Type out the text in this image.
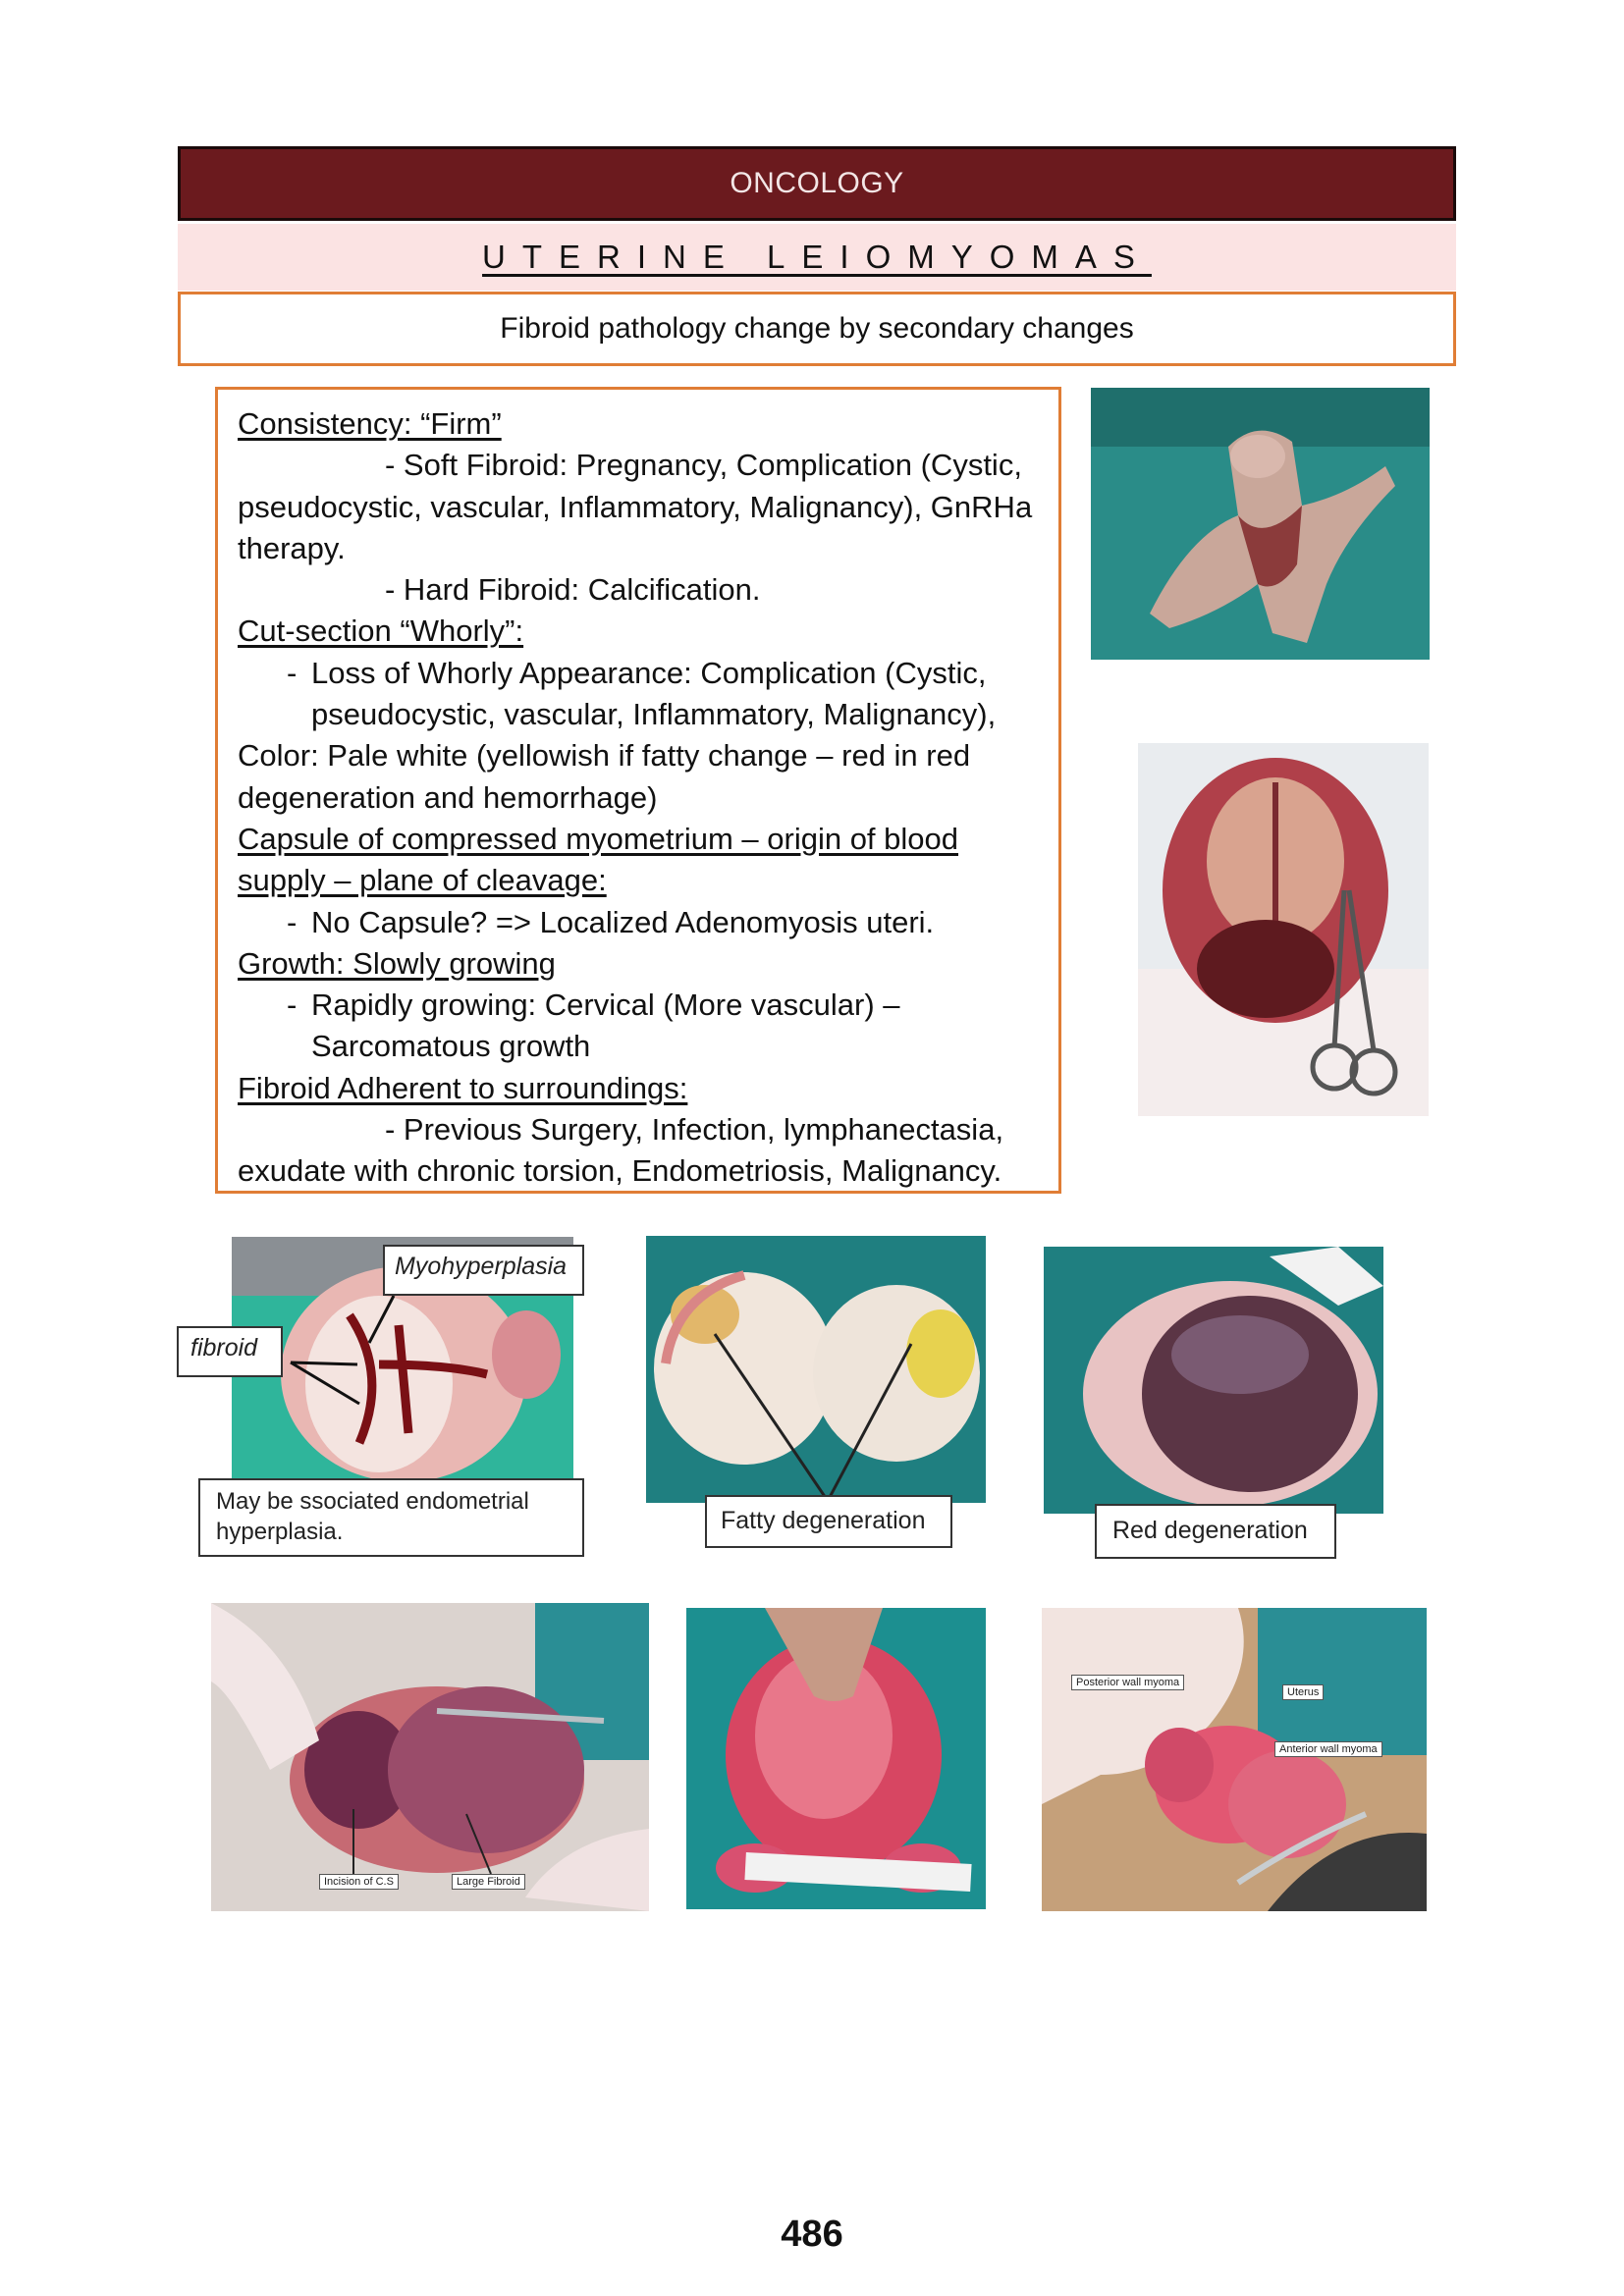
ONCOLOGY
UTERINE LEIOMYOMAS
Fibroid pathology change by secondary changes

Consistency: “Firm”

- Soft Fibroid: Pregnancy, Complication (Cystic,

pseudocystic, vascular, Inflammatory, Malignancy), GnRHa therapy.

- Hard Fibroid: Calcification.

Cut-section “Whorly”:

- Loss of Whorly Appearance: Complication (Cystic, pseudocystic, vascular, Inflammatory, Malignancy),

Color: Pale white (yellowish if fatty change – red in red degeneration and hemorrhage)

Capsule of compressed myometrium – origin of blood supply – plane of cleavage:

- No Capsule? => Localized Adenomyosis uteri.

Growth: Slowly growing

- Rapidly growing: Cervical (More vascular) – Sarcomatous growth

Fibroid Adherent to surroundings:

- Previous Surgery, Infection, lymphanectasia,

exudate with chronic torsion, Endometriosis, Malignancy.

Myohyperplasia
fibroid
May be ssociated endometrial hyperplasia.	Fatty degeneration	Red degeneration
Incision of C.S	Large Fibroid
Posterior wall myoma
Uterus
Anterior wall myoma
486
